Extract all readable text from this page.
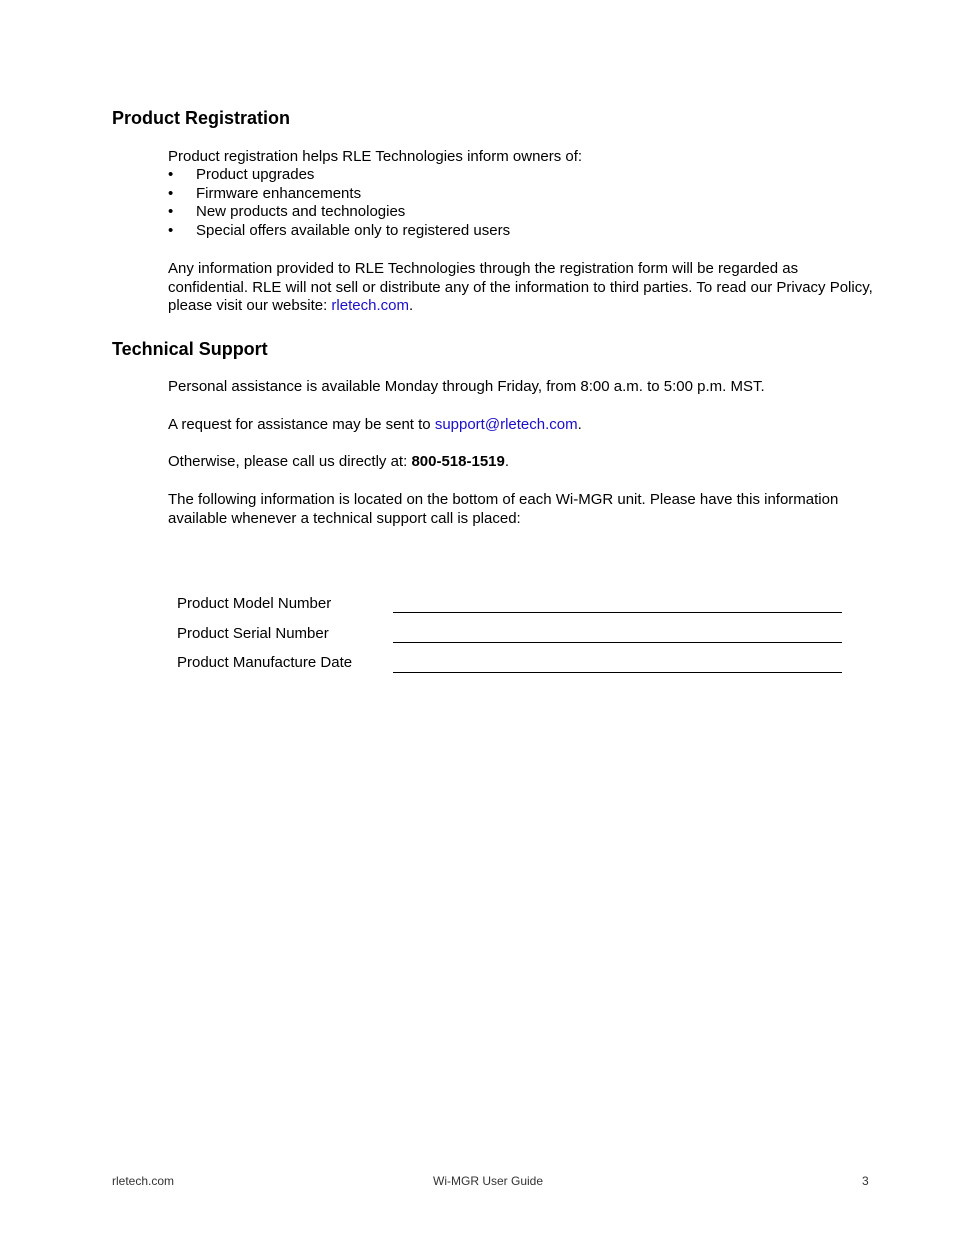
Product Registration

Product registration helps RLE Technologies inform owners of:

• Product upgrades
• Firmware enhancements
• New products and technologies
• Special offers available only to registered users

Any information provided to RLE Technologies through the registration form will be regarded as confidential. RLE will not sell or distribute any of the information to third parties. To read our Privacy Policy, please visit our website: rletech.com.

Technical Support

Personal assistance is available Monday through Friday, from 8:00 a.m. to 5:00 p.m. MST.

A request for assistance may be sent to support@rletech.com.

Otherwise, please call us directly at: 800-518-1519.

The following information is located on the bottom of each Wi-MGR unit. Please have this information available whenever a technical support call is placed:

Product Model Number
Product Serial Number
Product Manufacture Date
rletech.com	Wi-MGR User Guide	3
